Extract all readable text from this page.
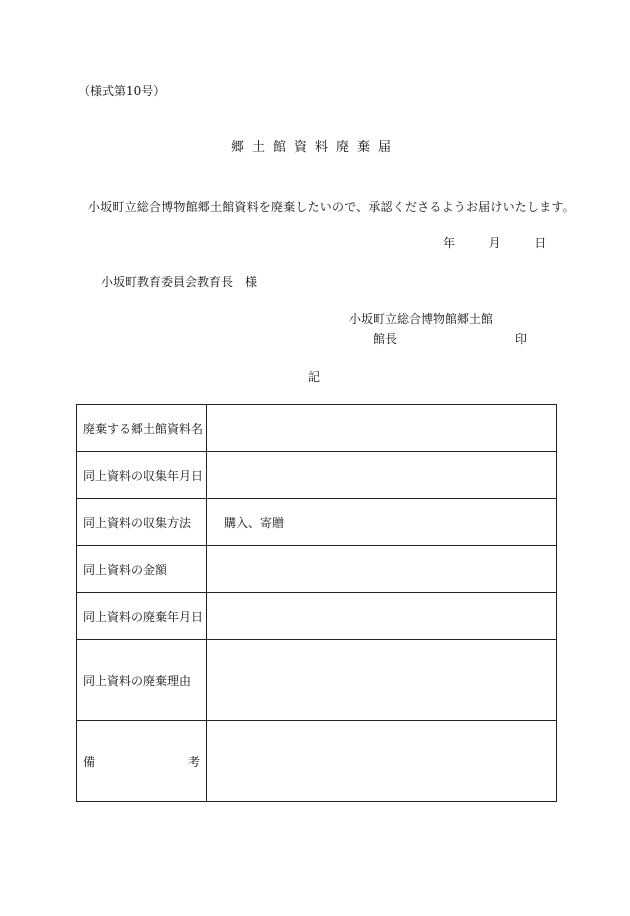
（様式第10号）
郷土館資料廃棄届
小坂町立総合博物館郷土館資料を廃棄したいので、承認くださるようお届けいたします。
年	月	日
小坂町教育委員会教育長　様
小坂町立総合博物館郷土館
館長	印
記
廃棄する郷土館資料名	
同上資料の収集年月日	
同上資料の収集方法	購入、寄贈
同上資料の金額	
同上資料の廃棄年月日	
同上資料の廃棄理由	

備 考	
